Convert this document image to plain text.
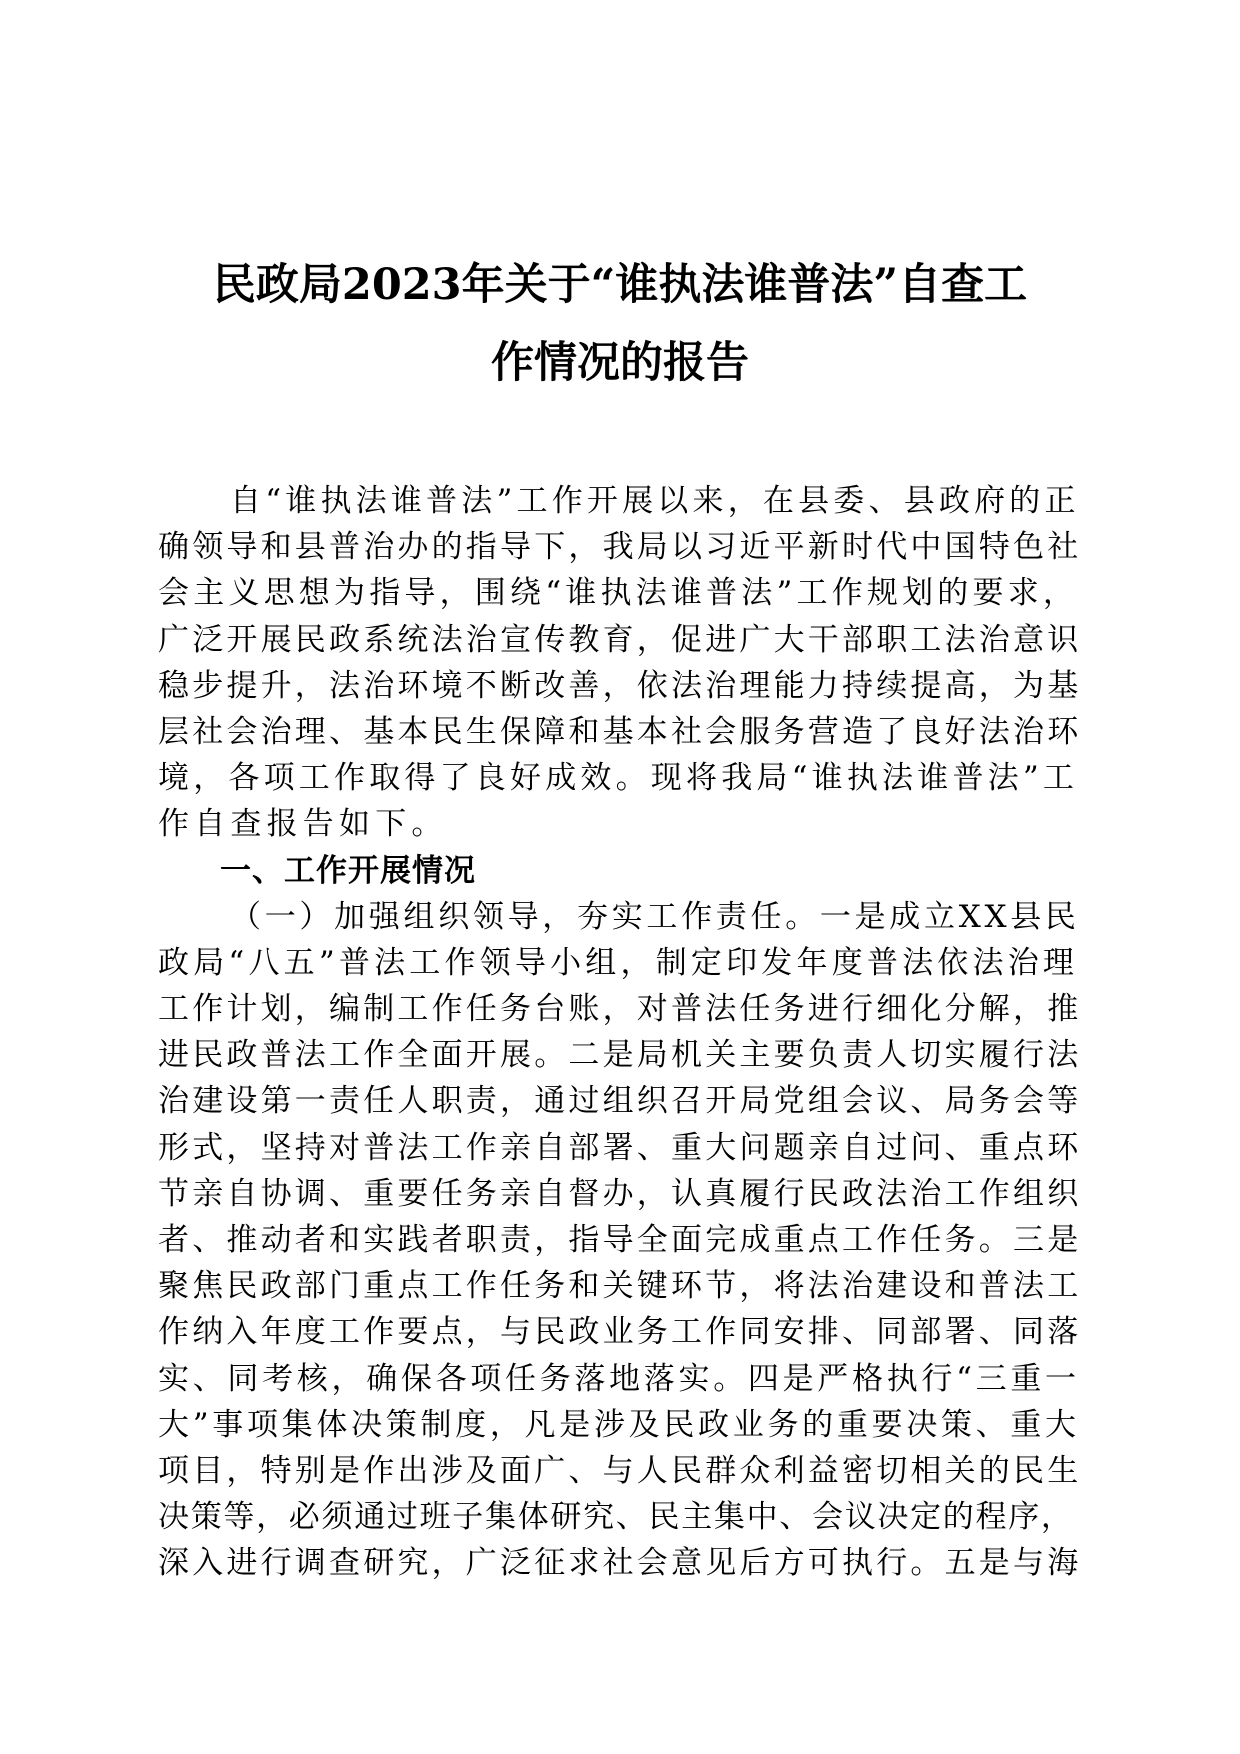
民政局2023年关于“谁执法谁普法”自查工
作情况的报告
自“谁执法谁普法”工作开展以来，在县委、县政府的正
确领导和县普治办的指导下，我局以习近平新时代中国特色社
会主义思想为指导，围绕“谁执法谁普法”工作规划的要求，
广泛开展民政系统法治宣传教育，促进广大干部职工法治意识
稳步提升，法治环境不断改善，依法治理能力持续提高，为基
层社会治理、基本民生保障和基本社会服务营造了良好法治环
境，各项工作取得了良好成效。现将我局“谁执法谁普法”工
作自查报告如下。
一、工作开展情况
（一）加强组织领导，夯实工作责任。一是成立XX县民
政局“八五”普法工作领导小组，制定印发年度普法依法治理
工作计划，编制工作任务台账，对普法任务进行细化分解，推
进民政普法工作全面开展。二是局机关主要负责人切实履行法
治建设第一责任人职责，通过组织召开局党组会议、局务会等
形式，坚持对普法工作亲自部署、重大问题亲自过问、重点环
节亲自协调、重要任务亲自督办，认真履行民政法治工作组织
者、推动者和实践者职责，指导全面完成重点工作任务。三是
聚焦民政部门重点工作任务和关键环节，将法治建设和普法工
作纳入年度工作要点，与民政业务工作同安排、同部署、同落
实、同考核，确保各项任务落地落实。四是严格执行“三重一
大”事项集体决策制度，凡是涉及民政业务的重要决策、重大
项目，特别是作出涉及面广、与人民群众利益密切相关的民生
决策等，必须通过班子集体研究、民主集中、会议决定的程序，
深入进行调查研究，广泛征求社会意见后方可执行。五是与海
